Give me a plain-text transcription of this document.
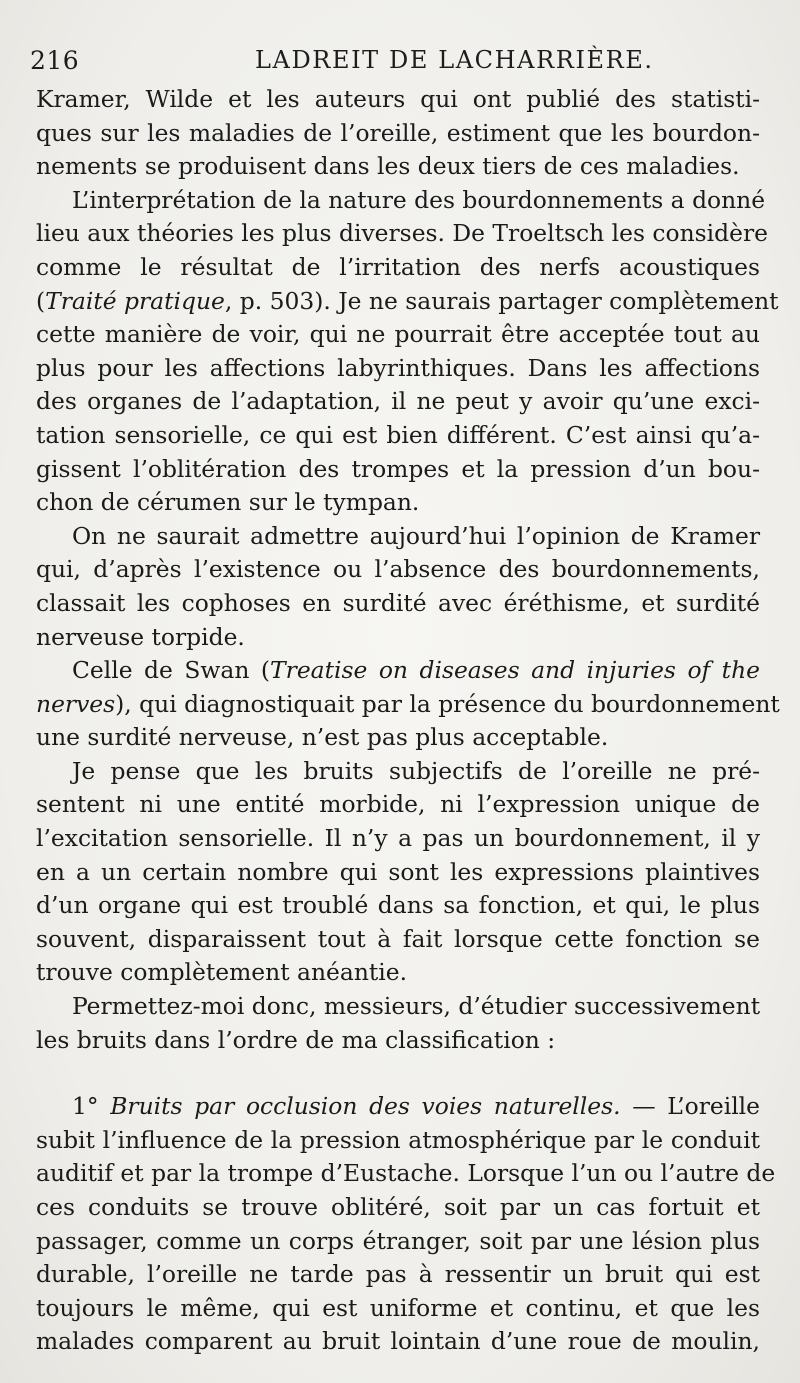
216	LADREIT DE LACHARRIÈRE.

Kramer, Wilde et les auteurs qui ont publié des statisti-
ques sur les maladies de l’oreille, estiment que les bourdon-
nements se produisent dans les deux tiers de ces maladies.

L’interprétation de la nature des bourdonnements a donné
lieu aux théories les plus diverses. De Troeltsch les considère
comme le résultat de l’irritation des nerfs acoustiques
(Traité pratique, p. 503). Je ne saurais partager complètement
cette manière de voir, qui ne pourrait être acceptée tout au
plus pour les affections labyrinthiques. Dans les affections
des organes de l’adaptation, il ne peut y avoir qu’une exci-
tation sensorielle, ce qui est bien différent. C’est ainsi qu’a-
gissent l’oblitération des trompes et la pression d’un bou-
chon de cérumen sur le tympan.

On ne saurait admettre aujourd’hui l’opinion de Kramer
qui, d’après l’existence ou l’absence des bourdonnements,
classait les cophoses en surdité avec éréthisme, et surdité
nerveuse torpide.

Celle de Swan (Treatise on diseases and injuries of the
nerves), qui diagnostiquait par la présence du bourdonnement
une surdité nerveuse, n’est pas plus acceptable.

Je pense que les bruits subjectifs de l’oreille ne pré-
sentent ni une entité morbide, ni l’expression unique de
l’excitation sensorielle. Il n’y a pas un bourdonnement, il y
en a un certain nombre qui sont les expressions plaintives
d’un organe qui est troublé dans sa fonction, et qui, le plus
souvent, disparaissent tout à fait lorsque cette fonction se
trouve complètement anéantie.

Permettez-moi donc, messieurs, d’étudier successivement
les bruits dans l’ordre de ma classification :

1° Bruits par occlusion des voies naturelles. — L’oreille
subit l’influence de la pression atmosphérique par le conduit
auditif et par la trompe d’Eustache. Lorsque l’un ou l’autre de
ces conduits se trouve oblitéré, soit par un cas fortuit et
passager, comme un corps étranger, soit par une lésion plus
durable, l’oreille ne tarde pas à ressentir un bruit qui est
toujours le même, qui est uniforme et continu, et que les
malades comparent au bruit lointain d’une roue de moulin,
